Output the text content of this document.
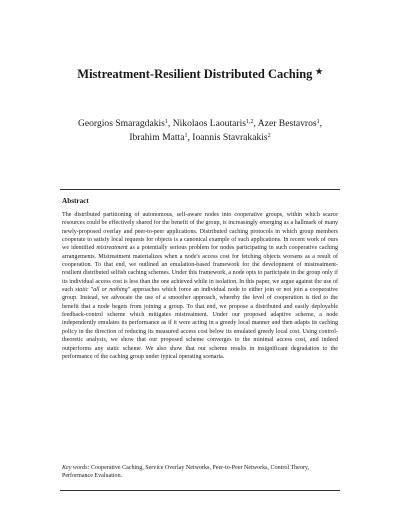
Mistreatment-Resilient Distributed Caching ★
Georgios Smaragdakis$^1$, Nikolaos Laoutaris$^{1,2}$, Azer Bestavros$^1$,
Ibrahim Matta$^1$, Ioannis Stavrakakis$^2$
Abstract

The distributed partitioning of autonomous, self-aware nodes into cooperative groups, within which scarce resources could be effectively shared for the benefit of the group, is increasingly emerging as a hallmark of many newly-proposed overlay and peer-to-peer applications. Distributed caching protocols in which group members cooperate to satisfy local requests for objects is a canonical example of such applications. In recent work of ours we identified mistreatment as a potentially serious problem for nodes participating in such cooperative caching arrangements. Mistreatment materializes when a node's access cost for fetching objects worsens as a result of cooperation. To that end, we outlined an emulation-based framework for the development of mistreatment-resilient distributed selfish caching schemes. Under this framework, a node opts to participate in the group only if its individual access cost is less than the one achieved while in isolation. In this paper, we argue against the use of such static "all or nothing" approaches which force an individual node to either join or not join a cooperative group. Instead, we advocate the use of a smoother approach, whereby the level of cooperation is tied to the benefit that a node begets from joining a group. To that end, we propose a distributed and easily deployable feedback-control scheme which mitigates mistreatment. Under our proposed adaptive scheme, a node independently emulates its performance as if it were acting in a greedy local manner and then adapts its caching policy in the direction of reducing its measured access cost below its emulated greedy local cost. Using control-theoretic analysis, we show that our proposed scheme converges to the minimal access cost, and indeed outperforms any static scheme. We also show that our scheme results in insignificant degradation to the performance of the caching group under typical operating scenaria.

Key words: Cooperative Caching, Service Overlay Networks, Peer-to-Peer Networks, Control Theory, Performance Evaluation.
